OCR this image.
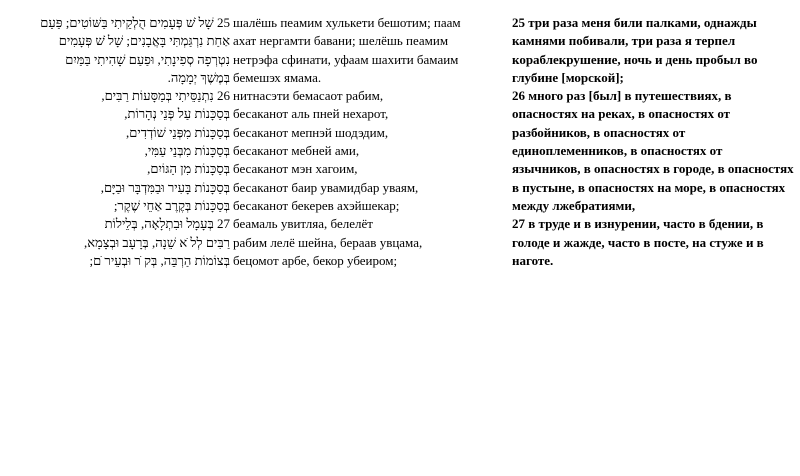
25 שָׁל ֹשׁ פְּעָמִים הֻלְקֵיתִי בַּשּׁוֹטִים; פַּעַם
אַחַת נִרְגַּמְתִּי בָּאֲבָנִים; שָׁל ֹשׁ פְּעָמִים
נִטְרְפָה סְפִינָתִי, וּפַעַם שָׁהִיתִי בַּמַּיִם
בְּמֶשֶׁךְ יְמָמָה.
26 נִתְנַסֵּיתִי בְּמַסָּעוֹת רַבִּים,
בְּסַכָּנוֹת עַל פְּנֵי נְהָרוֹת,
בְּסַכָּנוֹת מִפְּנֵי שׁוֹדְדִים,
בְּסַכָּנוֹת מִבְּנֵי עַמִּי,
בְּסַכָּנוֹת מִן הַגּוֹיִם,
בְּסַכָּנוֹת בָּעִיר וּבַמִּדְבָּר וּבַיָּם,
בְּסַכָּנוֹת בְּקֶרֶב אַחֵי שֶׁקֶר;
27 בְּעָמָל וּבִתְלָאָה, בְּלֵילוֹת
רַבִּים לְל ֹא שֵׁנָה, בְּרָעָב וּבְצָמָא,
בְּצוֹמוֹת הַרְבֵּה, בְּק ֹר וּבְעֵיר ֹם;
шалёшь пеамим хулькети бешотим; паам
ахат нергамти бавани; шелёшь пеамим
нетрэфа сфинати, уфаам шахити бамаим
бемешэх ямама.
нитнасэти бемасаот рабим,
бесаканот аль пней нехарот,
бесаканот мепнэй шодэдим,
бесаканот мебней ами,
бесаканот мэн хагоим,
бесаканот баир увамидбар уваям,
бесаканот бекерев ахэйшекар;
беамаль увитляа, белелёт
рабим лелё шейна, бераав увцама,
бецомот арбе, бекор убеиром;

25 три раза меня били палками, однажды камнями побивали, три раза я терпел кораблекрушение, ночь и день пробыл во глубине [морской];

26 много раз [был] в путешествиях, в опасностях на реках, в опасностях от разбойников, в опасностях от единоплеменников, в опасностях от язычников, в опасностях в городе, в опасностях в пустыне, в опасностях на море, в опасностях между лжебратиями,

27 в труде и в изнурении, часто в бдении, в голоде и жажде, часто в посте, на стуже и в наготе.
